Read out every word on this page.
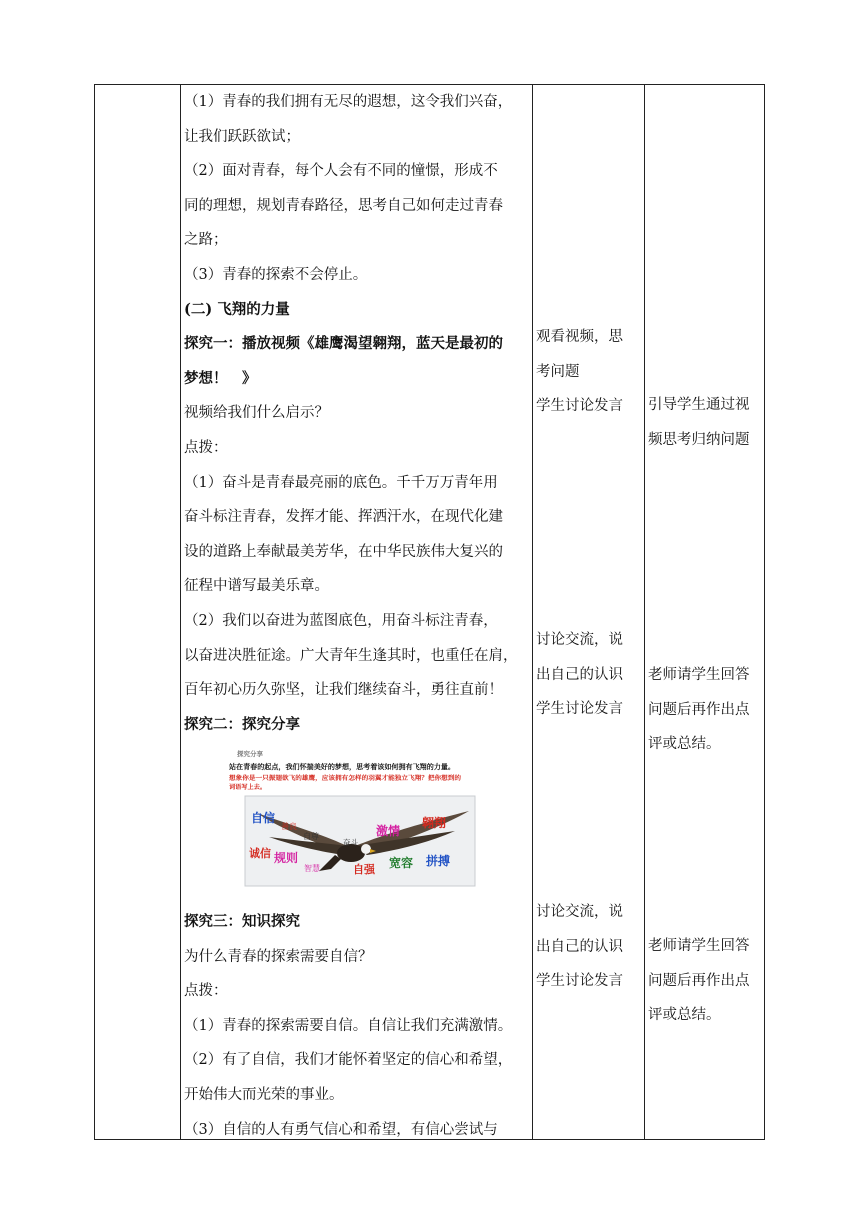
（1）青春的我们拥有无尽的遐想，这令我们兴奋，
让我们跃跃欲试；
（2）面对青春，每个人会有不同的憧憬，形成不
同的理想，规划青春路径，思考自己如何走过青春
之路；
（3）青春的探索不会停止。
(二) 飞翔的力量
探究一：播放视频《雄鹰渴望翱翔，蓝天是最初的
梦想！　》
视频给我们什么启示？
点拨：
（1）奋斗是青春最亮丽的底色。千千万万青年用
奋斗标注青春，发挥才能、挥洒汗水，在现代化建
设的道路上奉献最美芳华，在中华民族伟大复兴的
征程中谱写最美乐章。
（2）我们以奋进为蓝图底色，用奋斗标注青春，
以奋进决胜征途。广大青年生逢其时，也重任在肩，
百年初心历久弥坚，让我们继续奋斗，勇往直前！
探究二：探究分享
探究分享
站在青春的起点，我们怀揣美好的梦想，思考着该如何拥有飞翔的力量。
想象你是一只振翅欲飞的雄鹰，应该拥有怎样的羽翼才能独立飞翔？把你想到的
词语写上去。
自信
善良
自尊
奋斗
激情
翱翔
诚信 规则
智慧	自强 宽容 拼搏
探究三：知识探究
为什么青春的探索需要自信？
点拨：
（1）青春的探索需要自信。自信让我们充满激情。
（2）有了自信，我们才能怀着坚定的信心和希望，
开始伟大而光荣的事业。
（3）自信的人有勇气信心和希望，有信心尝试与
观看视频，思
考问题
学生讨论发言
讨论交流，说
出自己的认识
学生讨论发言
讨论交流，说
出自己的认识
学生讨论发言
引导学生通过视
频思考归纳问题
老师请学生回答
问题后再作出点
评或总结。
老师请学生回答
问题后再作出点
评或总结。
